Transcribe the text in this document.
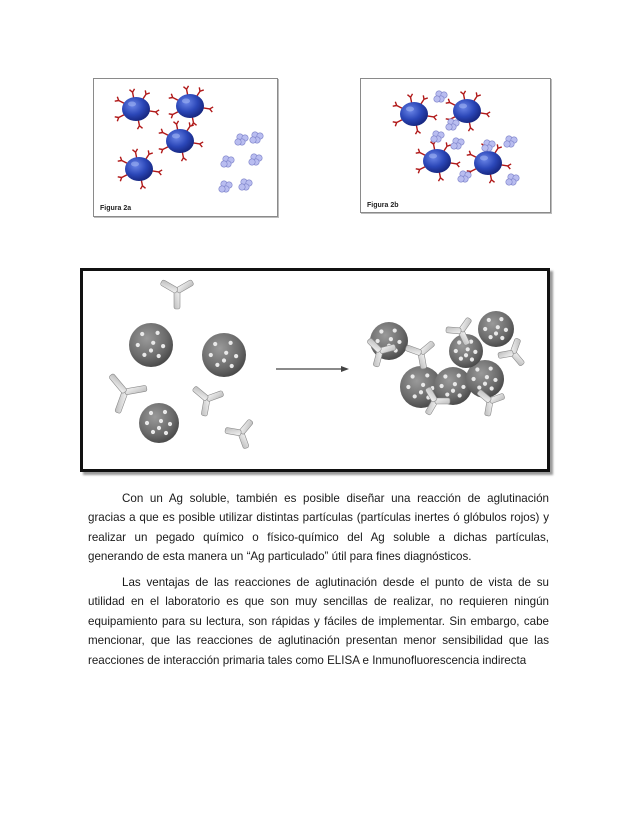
Figura 2a	Figura 2b

Con un Ag soluble, también es posible diseñar una reacción de aglutinación gracias a que es posible utilizar distintas partículas (partículas inertes ó glóbulos rojos) y realizar un pegado químico o físico-químico del Ag soluble a dichas partículas, generando de esta manera un “Ag particulado” útil para fines diagnósticos.

Las ventajas de las reacciones de aglutinación desde el punto de vista de su utilidad en el laboratorio es que son muy sencillas de realizar, no requieren ningún equipamiento para su lectura, son rápidas y fáciles de implementar. Sin embargo, cabe mencionar, que las reacciones de aglutinación presentan menor sensibilidad que las reacciones de interacción primaria tales como ELISA e Inmunofluorescencia indirecta
